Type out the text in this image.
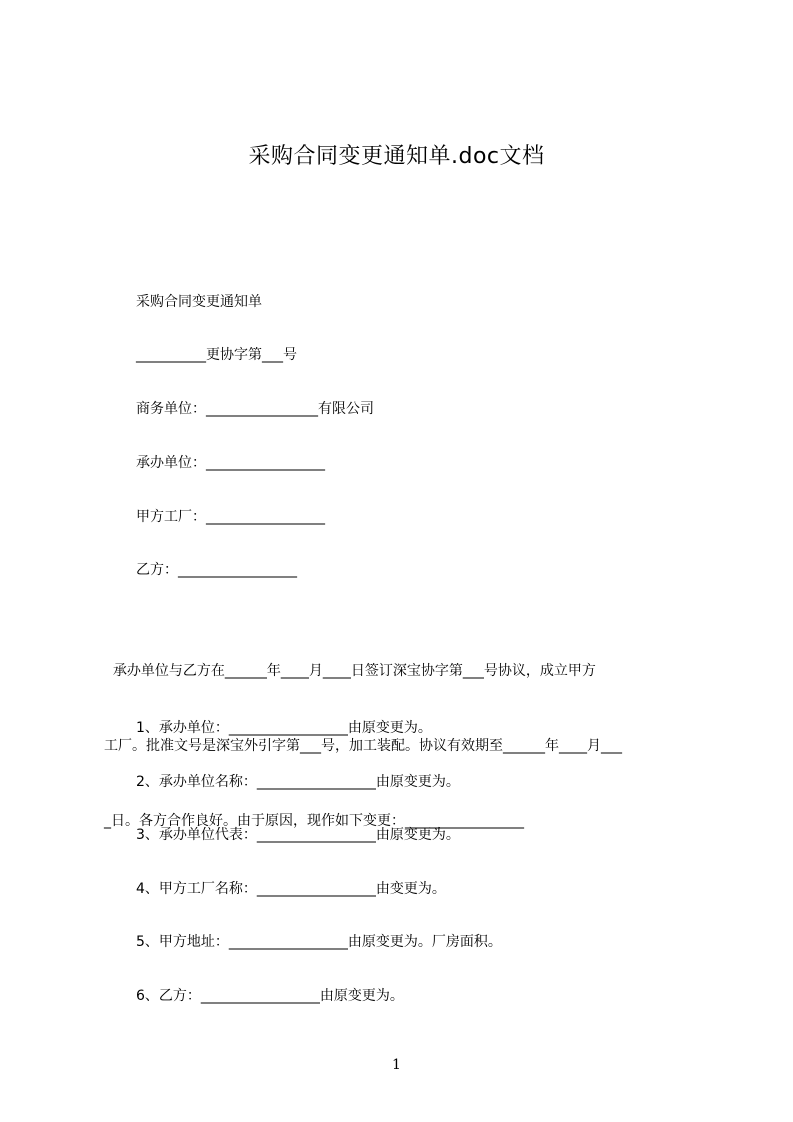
采购合同变更通知单.doc文档
采购合同变更通知单
__________更协字第___号
商务单位：________________有限公司
承办单位：_________________
甲方工厂：_________________
乙方：_________________

承办单位与乙方在______年____月____日签订深宝协字第___号协议，成立甲方

工厂。批准文号是深宝外引字第___号，加工装配。协议有效期至______年____月___

_日。各方合作良好。由于原因，现作如下变更：_________________

1、承办单位：_________________由原变更为。
2、承办单位名称：_________________由原变更为。
3、承办单位代表：_________________由原变更为。
4、甲方工厂名称：_________________由变更为。
5、甲方地址：_________________由原变更为。厂房面积。
6、乙方：_________________由原变更为。
1
